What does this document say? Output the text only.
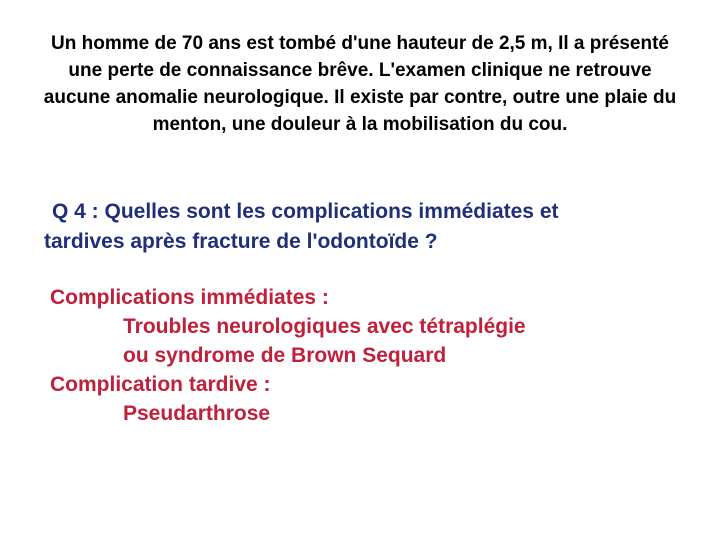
Un homme de 70 ans est tombé d'une hauteur de 2,5 m, Il a présenté
une perte de connaissance brêve. L'examen clinique ne retrouve
aucune anomalie neurologique. Il existe par contre, outre une plaie du
menton, une douleur à la mobilisation du cou.
Q 4 : Quelles sont les complications immédiates et
tardives après fracture de l'odontoïde ?
Complications immédiates :
Troubles neurologiques avec tétraplégie
ou syndrome de Brown Sequard
Complication tardive :
Pseudarthrose
